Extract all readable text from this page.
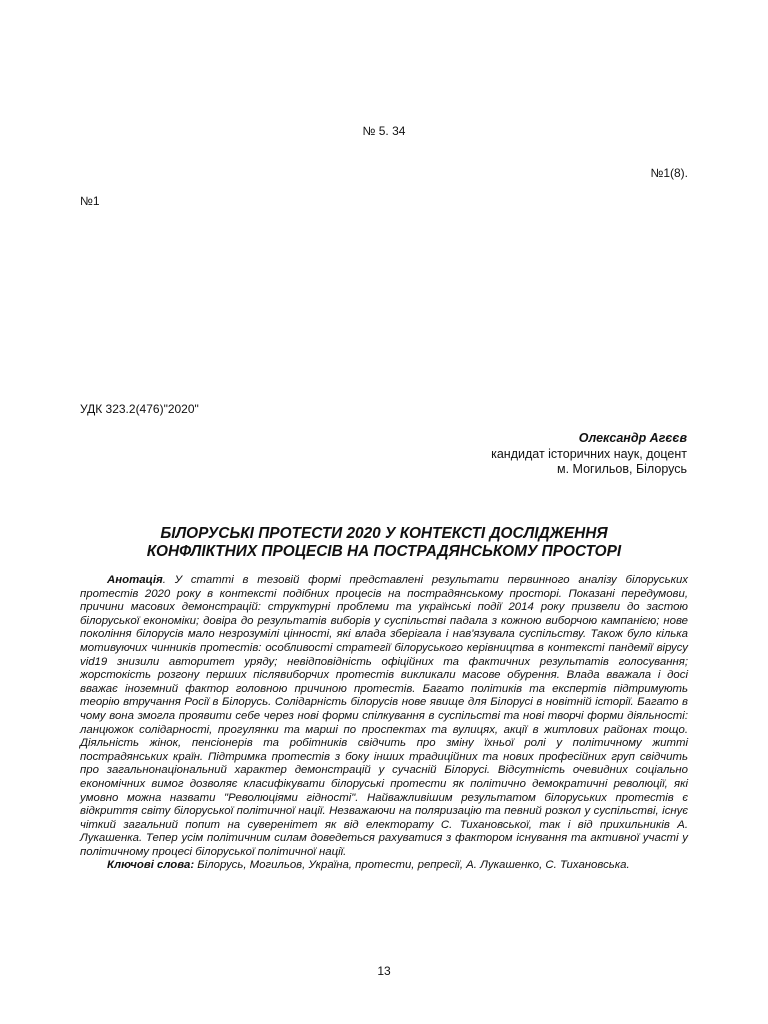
№ 5. 34
№1(8).
№1
УДК 323.2(476)"2020"
Олександр Агєєв
кандидат історичних наук, доцент
м. Могильов, Білорусь
БІЛОРУСЬКІ ПРОТЕСТИ 2020 У КОНТЕКСТІ ДОСЛІДЖЕННЯ
КОНФЛІКТНИХ ПРОЦЕСІВ НА ПОСТРАДЯНСЬКОМУ ПРОСТОРІ

Анотація. У статті в тезовій формі представлені результати первинного аналізу білоруських протестів 2020 року в контексті подібних процесів на пострадянському просторі. Показані передумови, причини масових демонстрацій: структурні проблеми та українські події 2014 року призвели до застою білоруської економіки; довіра до результатів виборів у суспільстві падала з кожною виборчою кампанією; нове покоління білорусів мало незрозумілі цінності, які влада зберігала і нав'язувала суспільству. Також було кілька мотивуючих чинників протестів: особливості стратегії білоруського керівництва в контексті пандемії вірусу vid19 знизили авторитет уряду; невідповідність офіційних та фактичних результатів голосування; жорстокість розгону перших післявиборчих протестів викликали масове обурення. Влада вважала і досі вважає іноземний фактор головною причиною протестів. Багато політиків та експертів підтримують теорію втручання Росії в Білорусь. Солідарність білорусів нове явище для Білорусі в новітній історії. Багато в чому вона змогла проявити себе через нові форми спілкування в суспільстві та нові творчі форми діяльності: ланцюжок солідарності, прогулянки та марші по проспектах та вулицях, акції в житлових районах тощо. Діяльність жінок, пенсіонерів та робітників свідчить про зміну їхньої ролі у політичному житті пострадянських країн. Підтримка протестів з боку інших традиційних та нових професійних груп свідчить про загальнонаціональний характер демонстрацій у сучасній Білорусі. Відсутність очевидних соціально економічних вимог дозволяє класифікувати білоруські протести як політично демократичні революції, які умовно можна назвати "Революціями гідності". Найважливішим результатом білоруських протестів є відкриття світу білоруської політичної нації. Незважаючи на поляризацію та певний розкол у суспільстві, існує чіткий загальний попит на суверенітет як від електорату С. Тихановської, так і від прихильників А. Лукашенка. Тепер усім політичним силам доведеться рахуватися з фактором існування та активної участі у політичному процесі білоруської політичної нації.

Ключові слова: Білорусь, Могильов, Україна, протести, репресії, А. Лукашенко, С. Тихановська.

13
